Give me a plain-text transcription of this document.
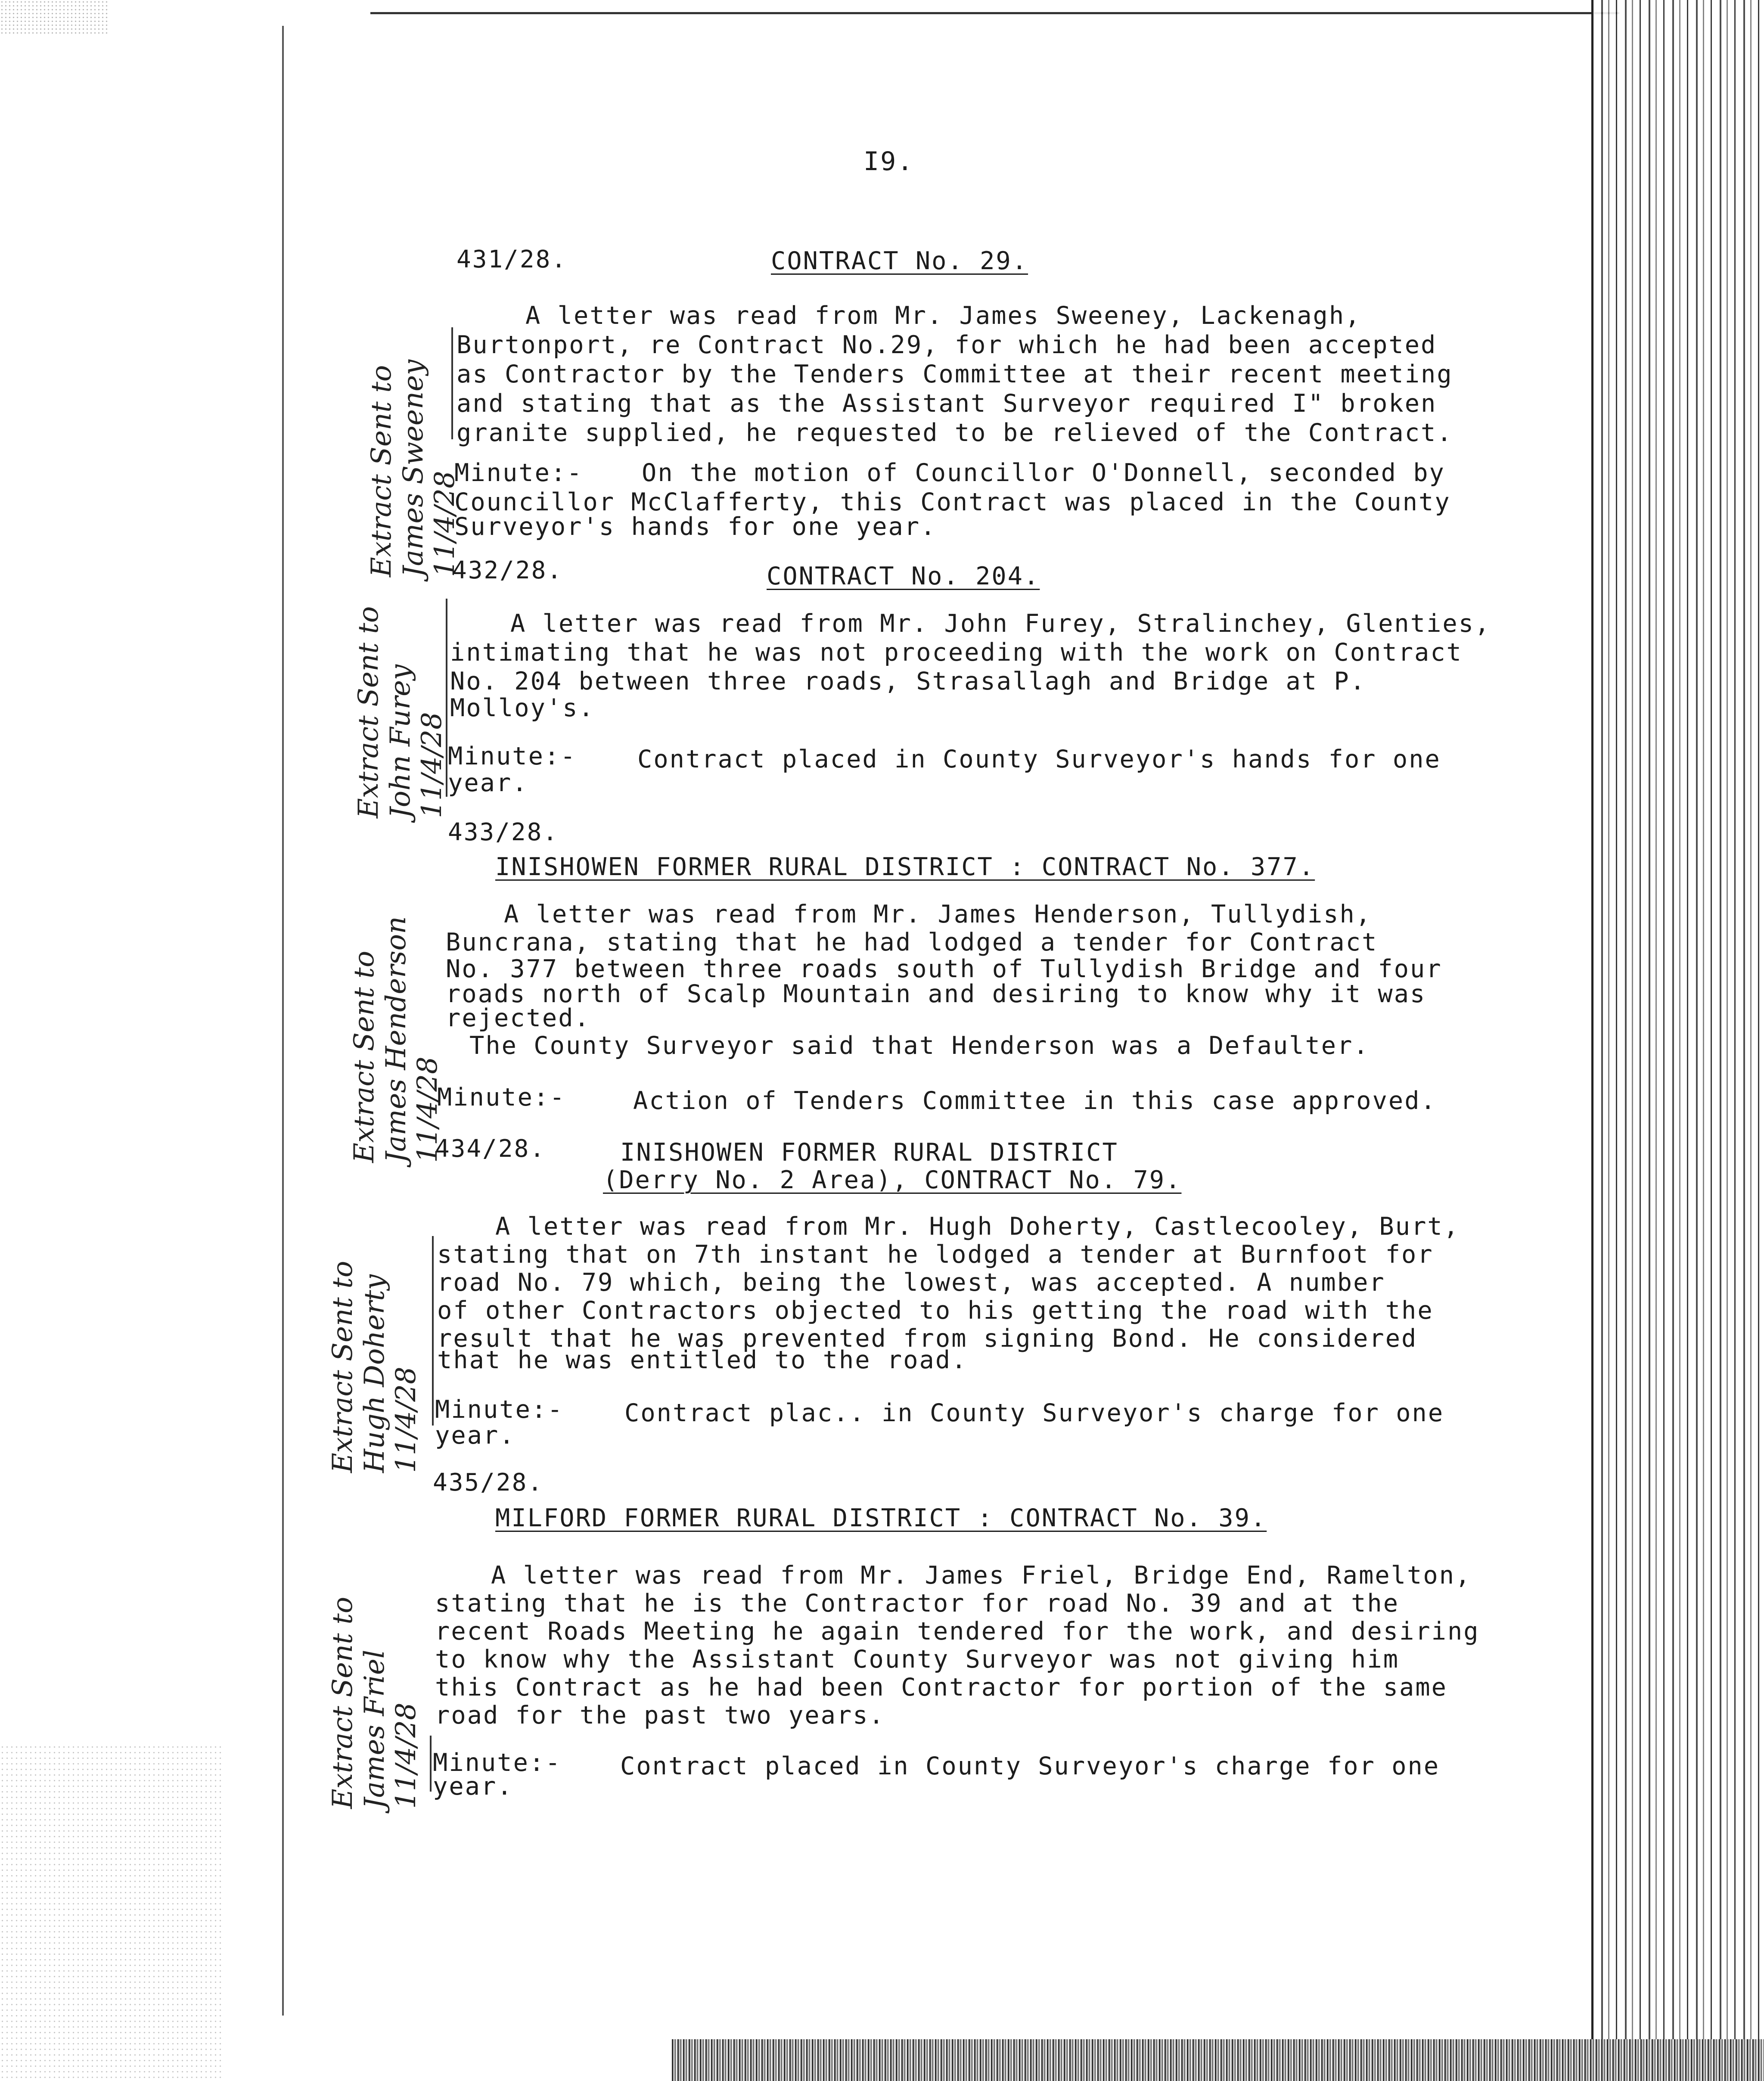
I9.
431/28.	CONTRACT No. 29.
A letter was read from Mr. James Sweeney, Lackenagh,
Burtonport, re Contract No.29, for which he had been accepted
as Contractor by the Tenders Committee at their recent meeting
and stating that as the Assistant Surveyor required I" broken
granite supplied, he requested to be relieved of the Contract.
Minute:- On the motion of Councillor O'Donnell, seconded by
Councillor McClafferty, this Contract was placed in the County
Surveyor's hands for one year.
Extract Sent to James Sweeney 11/4/28
432/28.	CONTRACT No. 204.
A letter was read from Mr. John Furey, Stralinchey, Glenties,
intimating that he was not proceeding with the work on Contract
No. 204 between three roads, Strasallagh and Bridge at P.
Molloy's.
Minute:- Contract placed in County Surveyor's hands for one
year.
Extract Sent to John Furey 11/4/28
433/28.
INISHOWEN FORMER RURAL DISTRICT : CONTRACT No. 377.
A letter was read from Mr. James Henderson, Tullydish,
Buncrana, stating that he had lodged a tender for Contract
No. 377 between three roads south of Tullydish Bridge and four
roads north of Scalp Mountain and desiring to know why it was
rejected.
The County Surveyor said that Henderson was a Defaulter.
Minute:-	Action of Tenders Committee in this case approved.
Extract Sent to James Henderson 11/4/28
434/28.	INISHOWEN FORMER RURAL DISTRICT
(Derry No. 2 Area), CONTRACT No. 79.
A letter was read from Mr. Hugh Doherty, Castlecooley, Burt,
stating that on 7th instant he lodged a tender at Burnfoot for
road No. 79 which, being the lowest, was accepted. A number
of other Contractors objected to his getting the road with the
result that he was prevented from signing Bond. He considered
that he was entitled to the road.
Minute:- Contract plac.. in County Surveyor's charge for one
year.
Extract Sent to Hugh Doherty 11/4/28
435/28.
MILFORD FORMER RURAL DISTRICT : CONTRACT No. 39.
A letter was read from Mr. James Friel, Bridge End, Ramelton,
stating that he is the Contractor for road No. 39 and at the
recent Roads Meeting he again tendered for the work, and desiring
to know why the Assistant County Surveyor was not giving him
this Contract as he had been Contractor for portion of the same
road for the past two years.
Minute:- Contract placed in County Surveyor's charge for one
year.
Extract Sent to James Friel 11/4/28
